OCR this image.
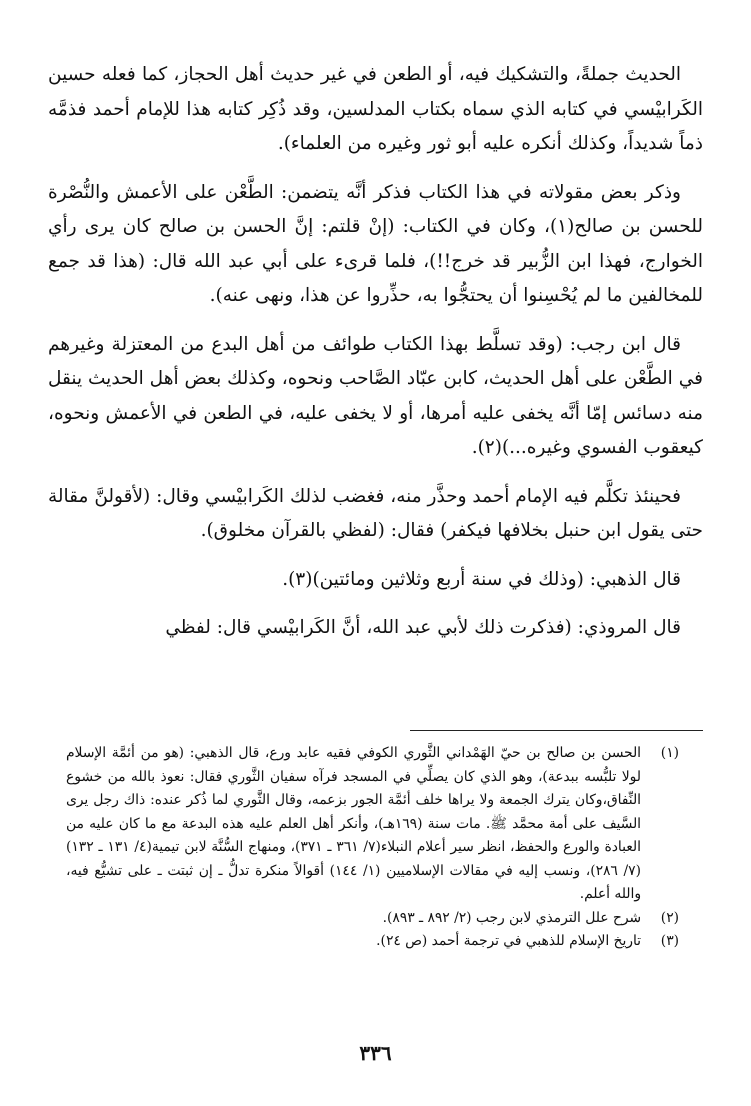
الحديث جملةً، والتشكيك فيه، أو الطعن في غير حديث أهل الحجاز، كما فعله حسين الكَرابيْسي في كتابه الذي سماه بكتاب المدلسين، وقد ذُكِر كتابه هذا للإمام أحمد فذمَّه ذماً شديداً، وكذلك أنكره عليه أبو ثور وغيره من العلماء).

وذكر بعض مقولاته في هذا الكتاب فذكر أنَّه يتضمن: الطَّعْن على الأعمش والنُّصْرة للحسن بن صالح(١)، وكان في الكتاب: (إنْ قلتم: إنَّ الحسن بن صالح كان يرى رأي الخوارج، فهذا ابن الزُّبير قد خرج!!)، فلما قرىء على أبي عبد الله قال: (هذا قد جمع للمخالفين ما لم يُحْسِنوا أن يحتجُّوا به، حذِّروا عن هذا، ونهى عنه).

قال ابن رجب: (وقد تسلَّط بهذا الكتاب طوائف من أهل البدع من المعتزلة وغيرهم في الطَّعْن على أهل الحديث، كابن عبّاد الصَّاحب ونحوه، وكذلك بعض أهل الحديث ينقل منه دسائس إمّا أنَّه يخفى عليه أمرها، أو لا يخفى عليه، في الطعن في الأعمش ونحوه، كيعقوب الفسوي وغيره...)(٢).

فحينئذ تكلَّم فيه الإمام أحمد وحذَّر منه، فغضب لذلك الكَرابيْسي وقال: (لأقولنَّ مقالة حتى يقول ابن حنبل بخلافها فيكفر) فقال: (لفظي بالقرآن مخلوق).

قال الذهبي: (وذلك في سنة أربع وثلاثين ومائتين)(٣).

قال المروذي: (فذكرت ذلك لأبي عبد الله، أنَّ الكَرابيْسي قال: لفظي

(١)
الحسن بن صالح بن حيّ الهَمْداني الثَّوري الكوفي فقيه عابد ورع، قال الذهبي: (هو من أئمَّة الإسلام لولا تلبُّسه ببدعة)، وهو الذي كان يصلِّي في المسجد فرآه سفيان الثَّوري فقال: نعوذ بالله من خشوع النِّفاق،وكان يترك الجمعة ولا يراها خلف أئمَّة الجور بزعمه، وقال الثَّوري لما ذُكر عنده: ذاك رجل يرى السَّيف على أمة محمَّد ﷺ. مات سنة (١٦٩هـ)، وأنكر أهل العلم عليه هذه البدعة مع ما كان عليه من العبادة والورع والحفظ، انظر سير أعلام النبلاء(٧/ ٣٦١ ـ ٣٧١)، ومنهاج السُّنَّة لابن تيمية(٤/ ١٣١ ـ ١٣٢) (٧/ ٢٨٦)، ونسب إليه في مقالات الإسلاميين (١/ ١٤٤) أقوالاً منكرة تدلُّ ـ إن ثبتت ـ على تشيُّع فيه، والله أعلم.
(٢)
شرح علل الترمذي لابن رجب (٢/ ٨٩٢ ـ ٨٩٣).
(٣)
تاريخ الإسلام للذهبي في ترجمة أحمد (ص ٢٤).
٣٣٦
